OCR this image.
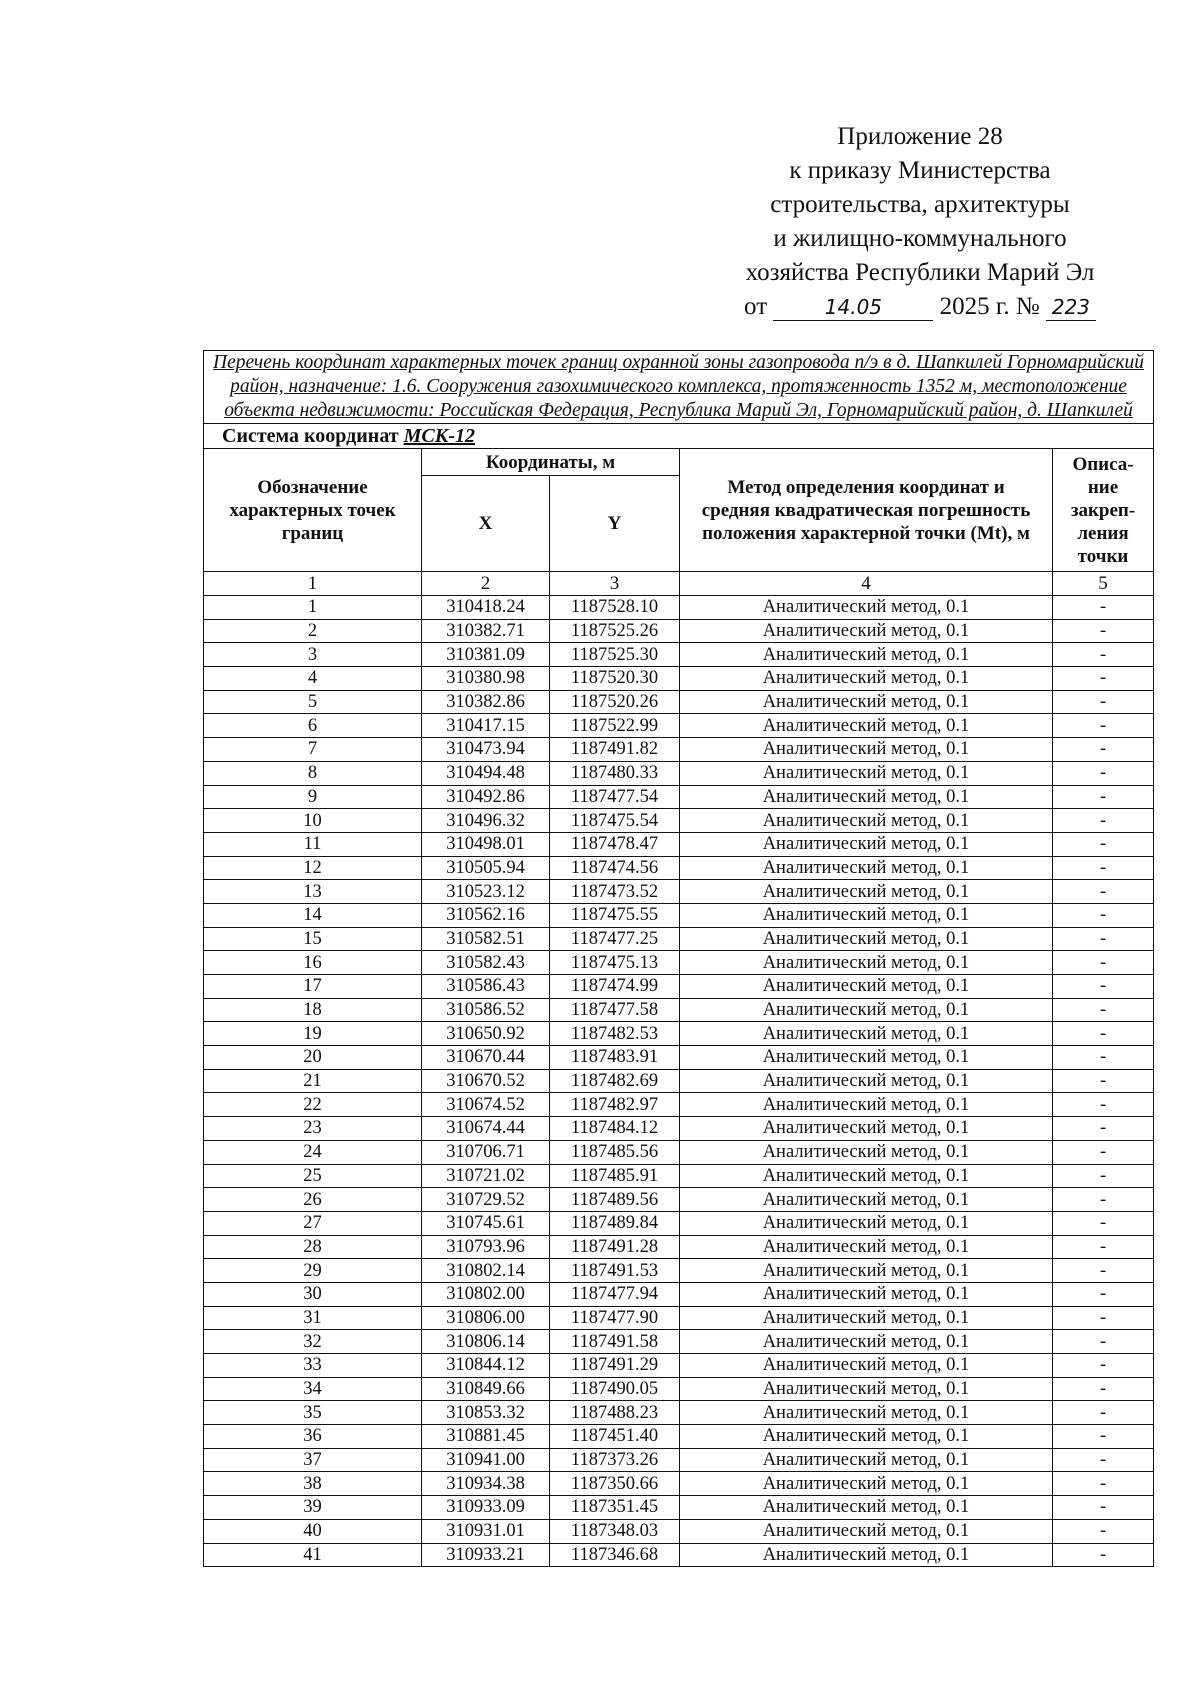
Приложение 28
к приказу Министерства
строительства, архитектуры
и жилищно-коммунального
хозяйства Республики Марий Эл
от	14.05 2025 г. № 223
Перечень координат характерных точек границ охранной зоны газопровода п/э в д. Шапкилей Горномарийский район, назначение: 1.6. Сооружения газохимического комплекса, протяженность 1352 м, местоположение объекта недвижимости: Российская Федерация, Республика Марий Эл, Горномарийский район, д. Шапкилей				
Система координат МСК-12				
Обозначение характерных точек границ	Координаты, м		Метод определения координат и средняя квадратическая погрешность положения характерной точки (Mt), м	Описа-ние закреп-ления точки
	X	Y		
1	2	3	4	5
1	310418.24	1187528.10	Аналитический метод, 0.1	-
2	310382.71	1187525.26	Аналитический метод, 0.1	-
3	310381.09	1187525.30	Аналитический метод, 0.1	-
4	310380.98	1187520.30	Аналитический метод, 0.1	-
5	310382.86	1187520.26	Аналитический метод, 0.1	-
6	310417.15	1187522.99	Аналитический метод, 0.1	-
7	310473.94	1187491.82	Аналитический метод, 0.1	-
8	310494.48	1187480.33	Аналитический метод, 0.1	-
9	310492.86	1187477.54	Аналитический метод, 0.1	-
10	310496.32	1187475.54	Аналитический метод, 0.1	-
11	310498.01	1187478.47	Аналитический метод, 0.1	-
12	310505.94	1187474.56	Аналитический метод, 0.1	-
13	310523.12	1187473.52	Аналитический метод, 0.1	-
14	310562.16	1187475.55	Аналитический метод, 0.1	-
15	310582.51	1187477.25	Аналитический метод, 0.1	-
16	310582.43	1187475.13	Аналитический метод, 0.1	-
17	310586.43	1187474.99	Аналитический метод, 0.1	-
18	310586.52	1187477.58	Аналитический метод, 0.1	-
19	310650.92	1187482.53	Аналитический метод, 0.1	-
20	310670.44	1187483.91	Аналитический метод, 0.1	-
21	310670.52	1187482.69	Аналитический метод, 0.1	-
22	310674.52	1187482.97	Аналитический метод, 0.1	-
23	310674.44	1187484.12	Аналитический метод, 0.1	-
24	310706.71	1187485.56	Аналитический метод, 0.1	-
25	310721.02	1187485.91	Аналитический метод, 0.1	-
26	310729.52	1187489.56	Аналитический метод, 0.1	-
27	310745.61	1187489.84	Аналитический метод, 0.1	-
28	310793.96	1187491.28	Аналитический метод, 0.1	-
29	310802.14	1187491.53	Аналитический метод, 0.1	-
30	310802.00	1187477.94	Аналитический метод, 0.1	-
31	310806.00	1187477.90	Аналитический метод, 0.1	-
32	310806.14	1187491.58	Аналитический метод, 0.1	-
33	310844.12	1187491.29	Аналитический метод, 0.1	-
34	310849.66	1187490.05	Аналитический метод, 0.1	-
35	310853.32	1187488.23	Аналитический метод, 0.1	-
36	310881.45	1187451.40	Аналитический метод, 0.1	-
37	310941.00	1187373.26	Аналитический метод, 0.1	-
38	310934.38	1187350.66	Аналитический метод, 0.1	-
39	310933.09	1187351.45	Аналитический метод, 0.1	-
40	310931.01	1187348.03	Аналитический метод, 0.1	-
41	310933.21	1187346.68	Аналитический метод, 0.1	-
